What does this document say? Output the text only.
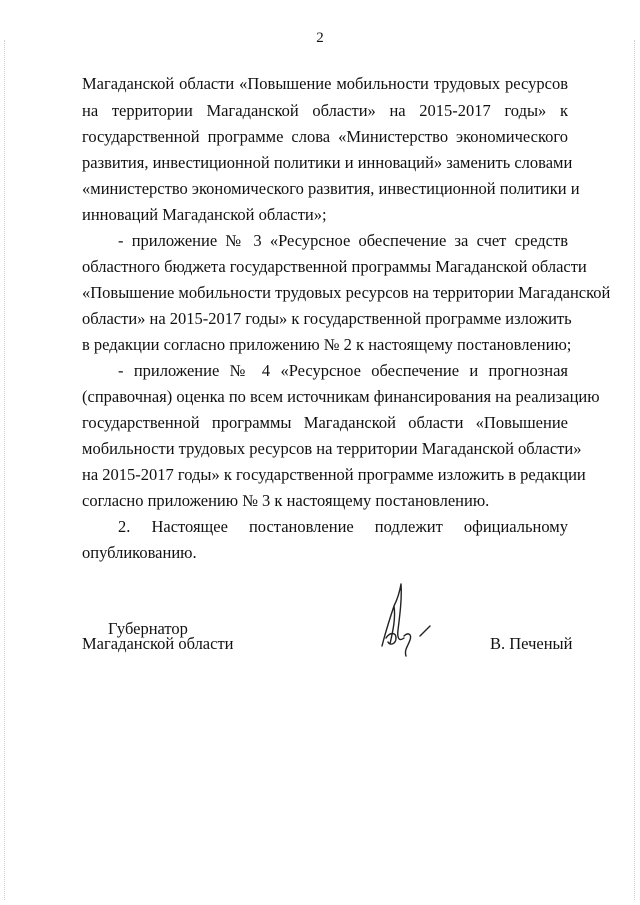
2
Магаданской области «Повышение мобильности трудовых ресурсов
на территории Магаданской области» на 2015-2017 годы» к
государственной программе слова «Министерство экономического
развития, инвестиционной политики и инноваций» заменить словами
«министерство экономического развития, инвестиционной политики и
инноваций Магаданской области»;
- приложение № 3 «Ресурсное обеспечение за счет средств
областного бюджета государственной программы Магаданской области
«Повышение мобильности трудовых ресурсов на территории Магаданской
области» на 2015-2017 годы» к государственной программе изложить
в редакции согласно приложению № 2 к настоящему постановлению;
- приложение № 4 «Ресурсное обеспечение и прогнозная
(справочная) оценка по всем источникам финансирования на реализацию
государственной программы Магаданской области «Повышение
мобильности трудовых ресурсов на территории Магаданской области»
на 2015-2017 годы» к государственной программе изложить в редакции
согласно приложению № 3 к настоящему постановлению.
2. Настоящее постановление подлежит официальному
опубликованию.
Губернатор
Магаданской области	В. Печеный
